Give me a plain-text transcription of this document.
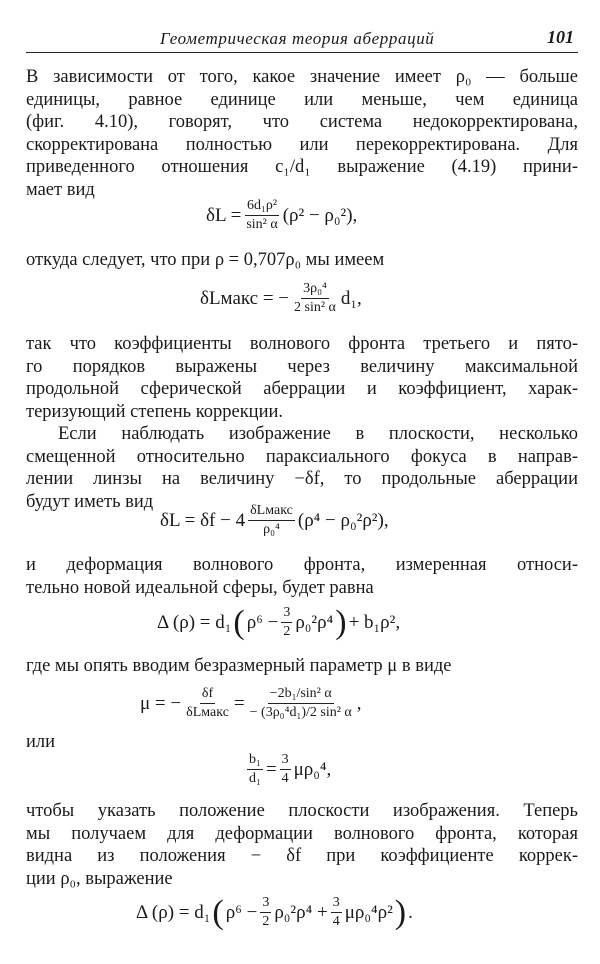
Геометрическая теория аберраций	101
В зависимости от того, какое значение имеет ρ₀ — больше
единицы, равное единице или меньше, чем единица
(фиг. 4.10), говорят, что система недокорректирована,
скорректирована полностью или перекорректирована. Для
приведенного отношения c₁/d₁ выражение (4.19) прини-
мает вид
$\delta L = \frac{\text{6d₁ρ²}}{\text{sin² α}} (\rho^2 - \rho_0^2)$,
откуда следует, что при ρ = 0,707ρ₀ мы имеем
δLмакс = − $\frac{\text{3ρ₀⁴}}{\text{2 sin² α}} d_1$,
так что коэффициенты волнового фронта третьего и пято-
го порядков выражены через величину максимальной
продольной сферической аберрации и коэффициент, харак-
теризующий степень коррекции.
Если наблюдать изображение в плоскости, несколько
смещенной относительно параксиального фокуса в направ-
лении линзы на величину −δf, то продольные аберрации
будут иметь вид
$\delta L = \delta f - 4 \frac{\text{δLмакс}}{\text{ρ₀⁴}} (\rho^4 - \rho_0^2\rho^2)$,
и деформация волнового фронта, измеренная относи-
тельно новой идеальной сферы, будет равна
Δ (ρ) = d₁ ( $\rho^6 - \frac{3}{2} \rho_0^2\rho^4$ ) + b₁ρ²,
где мы опять вводим безразмерный параметр μ в виде
μ = − $\frac{\delta f}{\text{δLмакс}} = \frac{\text{−2b₁/sin² α}}{\text{− (3ρ₀⁴d₁)/2 sin² α}}$ ,
или
$\frac{\text{b₁}}{\text{d₁}} = \frac{3}{4} \mu\rho_0^4$,
чтобы указать положение плоскости изображения. Теперь
мы получаем для деформации волнового фронта, которая
видна из положения − δf при коэффициенте коррек-
ции ρ₀, выражение
Δ (ρ) = d₁ ( $\rho^6 - \frac{3}{2} \rho_0^2\rho^4 + \frac{3}{4} \mu\rho_0^4\rho^2$ ) .
